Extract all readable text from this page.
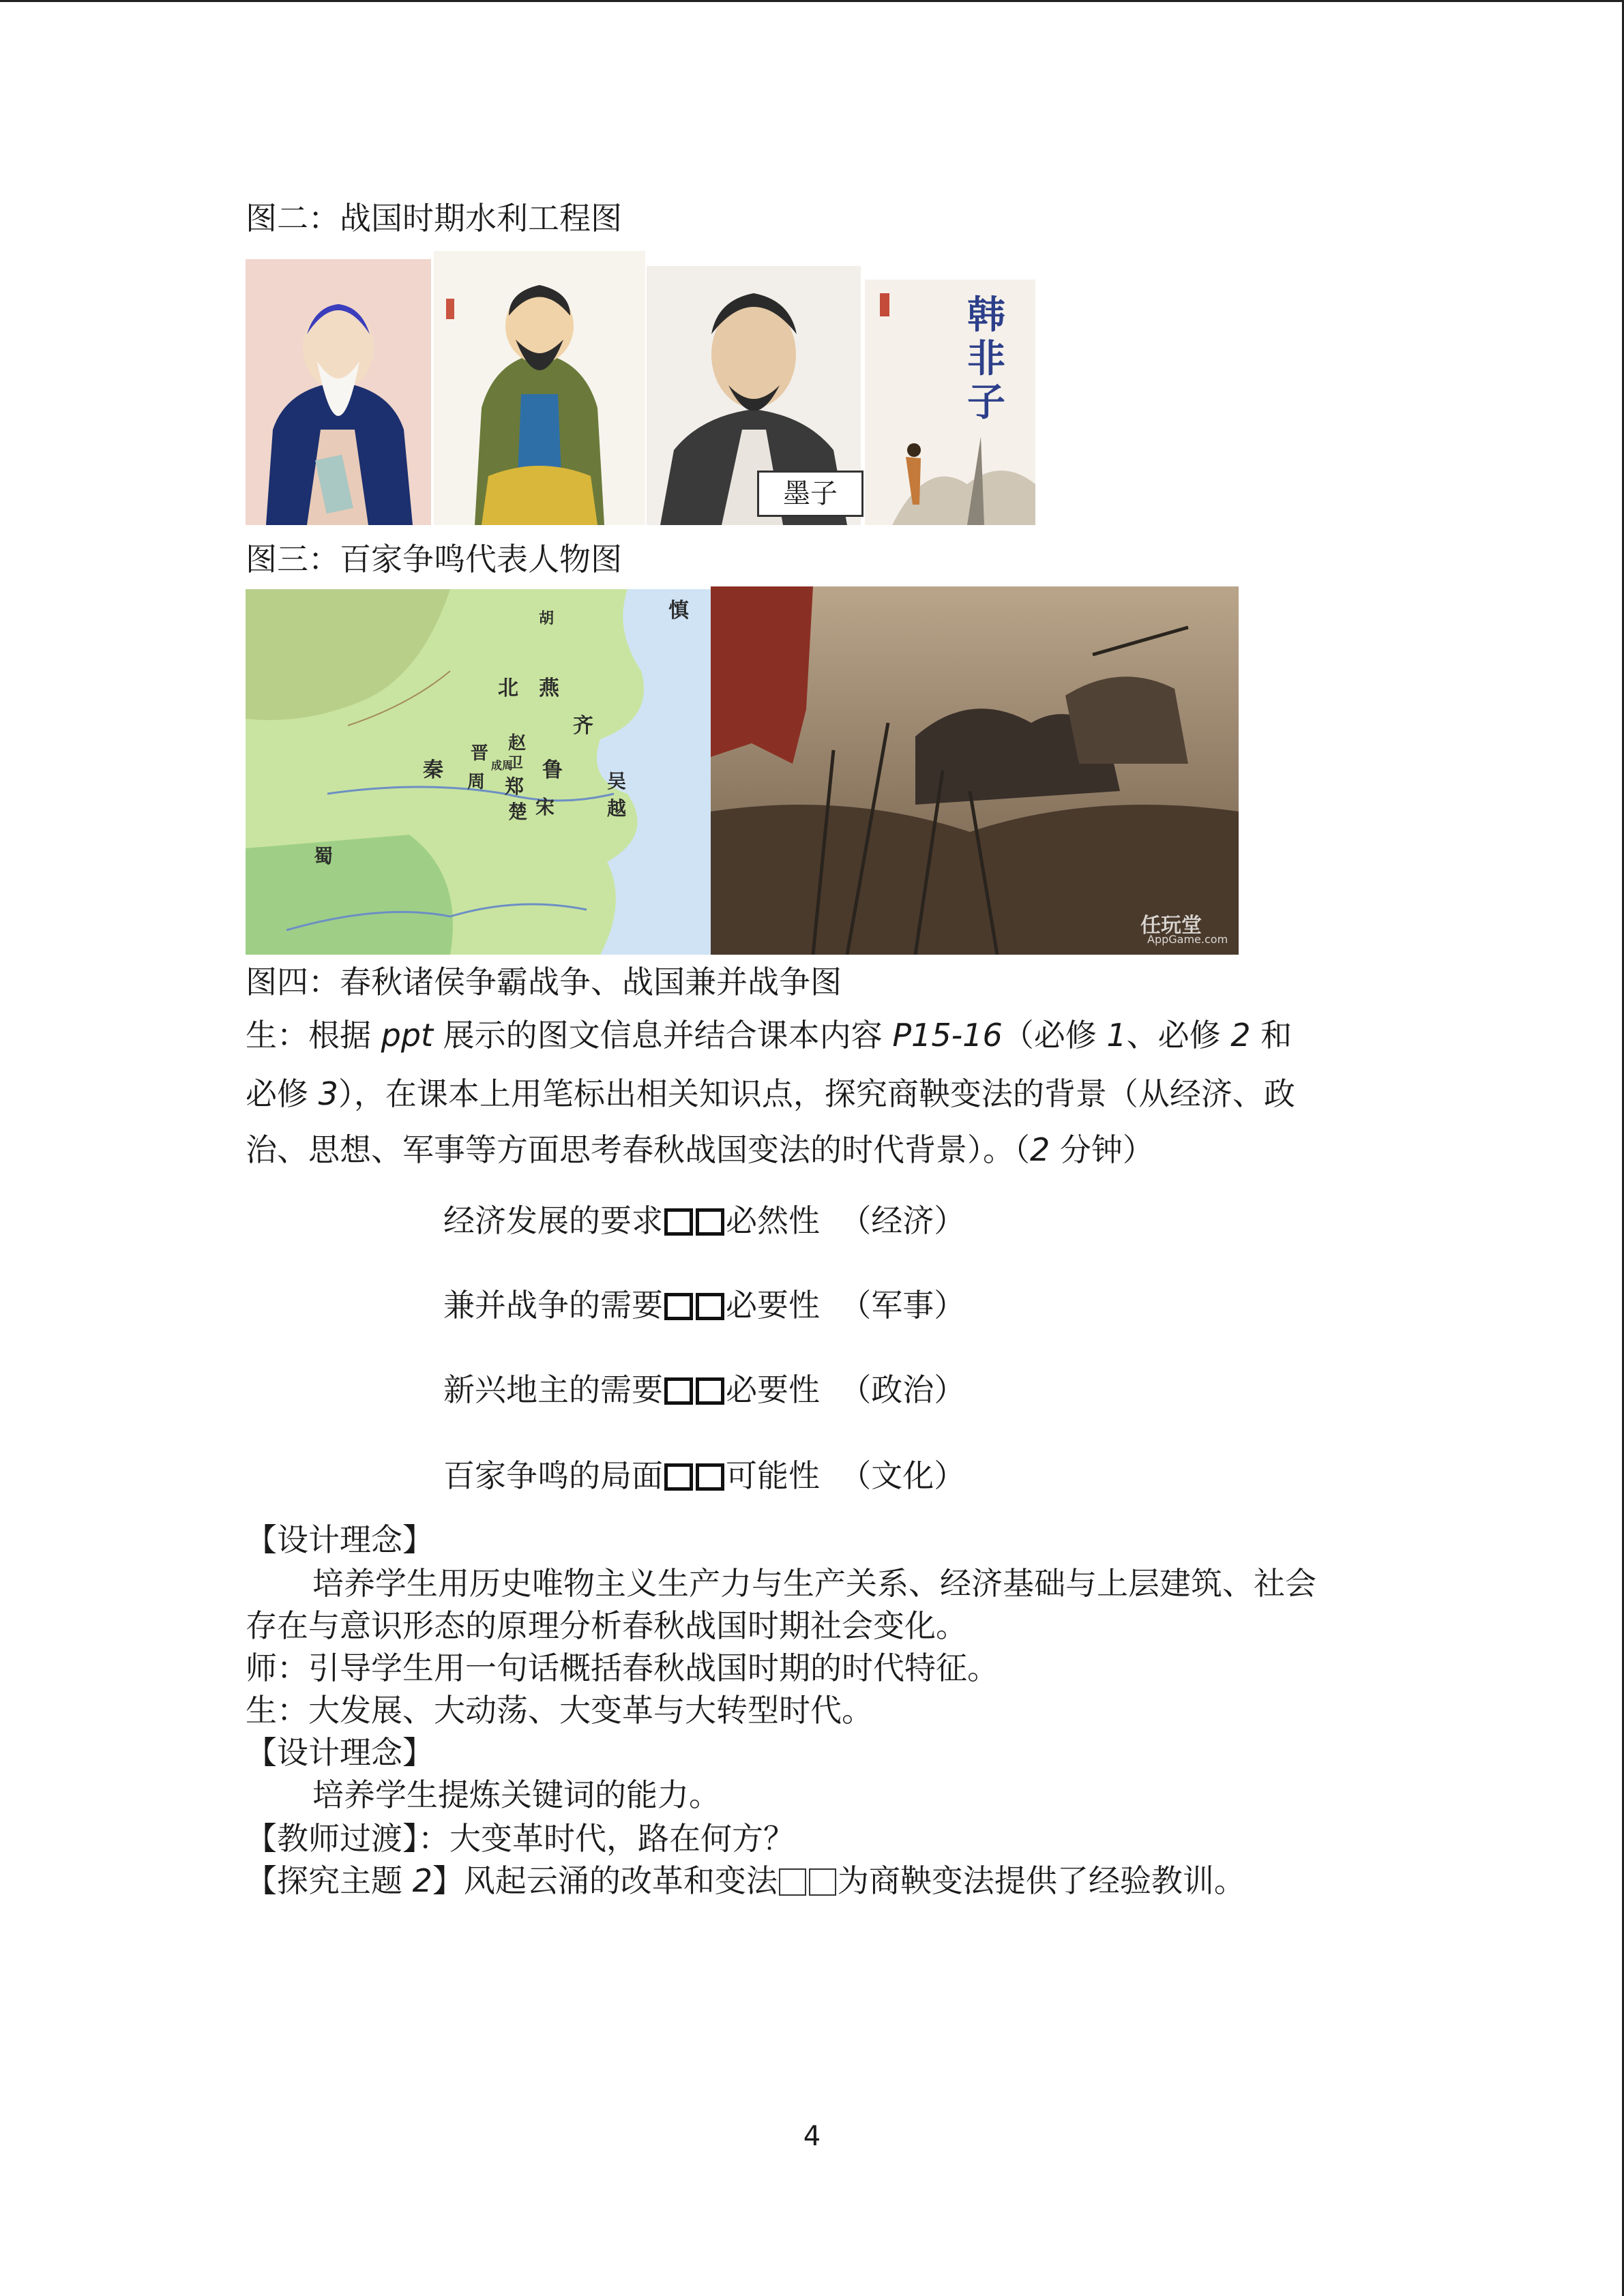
图二：战国时期水利工程图
墨子
韩非子
图三：百家争鸣代表人物图
胡
北 燕
齐
晋 赵
卫 鲁
秦 周 郑
成周
宋
吴
楚	越
蜀
慎
任玩堂
AppGame.com
图四：春秋诸侯争霸战争、战国兼并战争图
生：根据 ppt 展示的图文信息并结合课本内容 P15-16（必修 1、必修 2 和
必修 3），在课本上用笔标出相关知识点，探究商鞅变法的背景（从经济、政
治、思想、军事等方面思考春秋战国变法的时代背景）。（2 分钟）
经济发展的要求 必然性 （经济）
兼并战争的需要 必要性 （军事）
新兴地主的需要 必要性 （政治）
百家争鸣的局面 可能性 （文化）
【设计理念】
培养学生用历史唯物主义生产力与生产关系、经济基础与上层建筑、社会
存在与意识形态的原理分析春秋战国时期社会变化。
师：引导学生用一句话概括春秋战国时期的时代特征。
生：大发展、大动荡、大变革与大转型时代。
【设计理念】
培养学生提炼关键词的能力。
【教师过渡】：大变革时代，路在何方？
【探究主题 2】风起云涌的改革和变法 为商鞅变法提供了经验教训。
4
